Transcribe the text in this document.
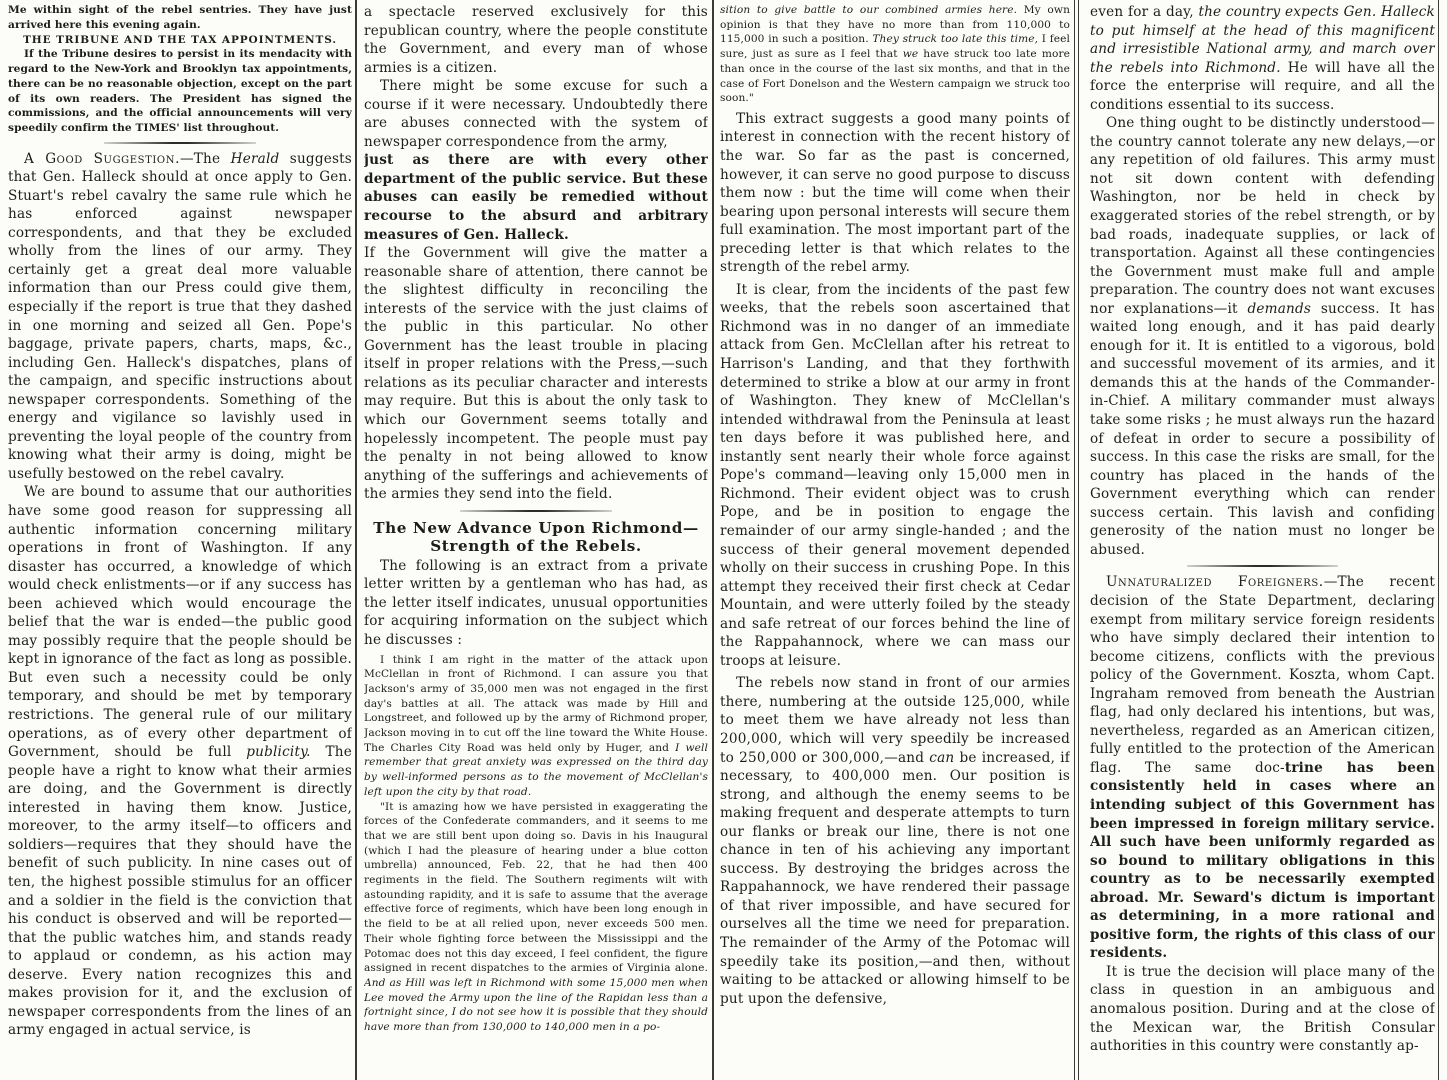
Me within sight of the rebel sentries. They have just arrived here this evening again.

THE TRIBUNE AND THE TAX APPOINTMENTS.

If the Tribune desires to persist in its mendacity with regard to the New-York and Brooklyn tax appointments, there can be no reasonable objection, except on the part of its own readers. The President has signed the commissions, and the official announcements will very speedily confirm the TIMES' list throughout.

A Good Suggestion.—The Herald suggests that Gen. Halleck should at once apply to Gen. Stuart's rebel cavalry the same rule which he has enforced against newspaper correspondents, and that they be excluded wholly from the lines of our army. They certainly get a great deal more valuable information than our Press could give them, especially if the report is true that they dashed in one morning and seized all Gen. Pope's baggage, private papers, charts, maps, &c., including Gen. Halleck's dispatches, plans of the campaign, and specific instructions about newspaper correspondents. Something of the energy and vigilance so lavishly used in preventing the loyal people of the country from knowing what their army is doing, might be usefully bestowed on the rebel cavalry.

We are bound to assume that our authorities have some good reason for suppressing all authentic information concerning military operations in front of Washington. If any disaster has occurred, a knowledge of which would check enlistments—or if any success has been achieved which would encourage the belief that the war is ended—the public good may possibly require that the people should be kept in ignorance of the fact as long as possible. But even such a necessity could be only temporary, and should be met by temporary restrictions. The general rule of our military operations, as of every other department of Government, should be full publicity. The people have a right to know what their armies are doing, and the Government is directly interested in having them know. Justice, moreover, to the army itself—to officers and soldiers—requires that they should have the benefit of such publicity. In nine cases out of ten, the highest possible stimulus for an officer and a soldier in the field is the conviction that his conduct is observed and will be reported—that the public watches him, and stands ready to applaud or condemn, as his action may deserve. Every nation recognizes this and makes provision for it, and the exclusion of newspaper correspondents from the lines of an army engaged in actual service, is

a spectacle reserved exclusively for this republican country, where the people constitute the Government, and every man of whose armies is a citizen.

There might be some excuse for such a course if it were necessary. Undoubtedly there are abuses connected with the system of newspaper correspondence from the army,

just as there are with every other department of the public service. But these abuses can easily be remedied without recourse to the absurd and arbitrary measures of Gen. Halleck.

If the Government will give the matter a reasonable share of attention, there cannot be the slightest difficulty in reconciling the interests of the service with the just claims of the public in this particular. No other Government has the least trouble in placing itself in proper relations with the Press,—such relations as its peculiar character and interests may require. But this is about the only task to which our Government seems totally and hopelessly incompetent. The people must pay the penalty in not being allowed to know anything of the sufferings and achievements of the armies they send into the field.

The New Advance Upon Richmond—
Strength of the Rebels.

The following is an extract from a private letter written by a gentleman who has had, as the letter itself indicates, unusual opportunities for acquiring information on the subject which he discusses :

I think I am right in the matter of the attack upon McClellan in front of Richmond. I can assure you that Jackson's army of 35,000 men was not engaged in the first day's battles at all. The attack was made by Hill and Longstreet, and followed up by the army of Richmond proper, Jackson moving in to cut off the line toward the White House. The Charles City Road was held only by Huger, and I well remember that great anxiety was expressed on the third day by well-informed persons as to the movement of McClellan's left upon the city by that road.

"It is amazing how we have persisted in exaggerating the forces of the Confederate commanders, and it seems to me that we are still bent upon doing so. Davis in his Inaugural (which I had the pleasure of hearing under a blue cotton umbrella) announced, Feb. 22, that he had then 400 regiments in the field. The Southern regiments wilt with astounding rapidity, and it is safe to assume that the average effective force of regiments, which have been long enough in the field to be at all relied upon, never exceeds 500 men. Their whole fighting force between the Mississippi and the Potomac does not this day exceed, I feel confident, the figure assigned in recent dispatches to the armies of Virginia alone. And as Hill was left in Richmond with some 15,000 men when Lee moved the Army upon the line of the Rapidan less than a fortnight since, I do not see how it is possible that they should have more than from 130,000 to 140,000 men in a po-

sition to give battle to our combined armies here. My own opinion is that they have no more than from 110,000 to 115,000 in such a position. They struck too late this time, I feel sure, just as sure as I feel that we have struck too late more than once in the course of the last six months, and that in the case of Fort Donelson and the Western campaign we struck too soon."

This extract suggests a good many points of interest in connection with the recent history of the war. So far as the past is concerned, however, it can serve no good purpose to discuss them now : but the time will come when their bearing upon personal interests will secure them full examination. The most important part of the preceding letter is that which relates to the strength of the rebel army.

It is clear, from the incidents of the past few weeks, that the rebels soon ascertained that Richmond was in no danger of an immediate attack from Gen. McClellan after his retreat to Harrison's Landing, and that they forthwith determined to strike a blow at our army in front of Washington. They knew of McClellan's intended withdrawal from the Peninsula at least ten days before it was published here, and instantly sent nearly their whole force against Pope's command—leaving only 15,000 men in Richmond. Their evident object was to crush Pope, and be in position to engage the remainder of our army single-handed ; and the success of their general movement depended wholly on their success in crushing Pope. In this attempt they received their first check at Cedar Mountain, and were utterly foiled by the steady and safe retreat of our forces behind the line of the Rappahannock, where we can mass our troops at leisure.

The rebels now stand in front of our armies there, numbering at the outside 125,000, while to meet them we have already not less than 200,000, which will very speedily be increased to 250,000 or 300,000,—and can be increased, if necessary, to 400,000 men. Our position is strong, and although the enemy seems to be making frequent and desperate attempts to turn our flanks or break our line, there is not one chance in ten of his achieving any important success. By destroying the bridges across the Rappahannock, we have rendered their passage of that river impossible, and have secured for ourselves all the time we need for preparation. The remainder of the Army of the Potomac will speedily take its position,—and then, without waiting to be attacked or allowing himself to be put upon the defensive,

even for a day, the country expects Gen. Halleck to put himself at the head of this magnificent and irresistible National army, and march over the rebels into Richmond. He will have all the force the enterprise will require, and all the conditions essential to its success.

One thing ought to be distinctly understood—the country cannot tolerate any new delays,—or any repetition of old failures. This army must not sit down content with defending Washington, nor be held in check by exaggerated stories of the rebel strength, or by bad roads, inadequate supplies, or lack of transportation. Against all these contingencies the Government must make full and ample preparation. The country does not want excuses nor explanations—it demands success. It has waited long enough, and it has paid dearly enough for it. It is entitled to a vigorous, bold and successful movement of its armies, and it demands this at the hands of the Commander-in-Chief. A military commander must always take some risks ; he must always run the hazard of defeat in order to secure a possibility of success. In this case the risks are small, for the country has placed in the hands of the Government everything which can render success certain. This lavish and confiding generosity of the nation must no longer be abused.

Unnaturalized Foreigners.—The recent decision of the State Department, declaring exempt from military service foreign residents who have simply declared their intention to become citizens, conflicts with the previous policy of the Government. Koszta, whom Capt. Ingraham removed from beneath the Austrian flag, had only declared his intentions, but was, nevertheless, regarded as an American citizen, fully entitled to the protection of the American flag. The same doc-trine has been consistently held in cases where an intending subject of this Government has been impressed in foreign military service. All such have been uniformly regarded as so bound to military obligations in this country as to be necessarily exempted abroad. Mr. Seward's dictum is important as determining, in a more rational and positive form, the rights of this class of our residents.

It is true the decision will place many of the class in question in an ambiguous and anomalous position. During and at the close of the Mexican war, the British Consular authorities in this country were constantly ap-
